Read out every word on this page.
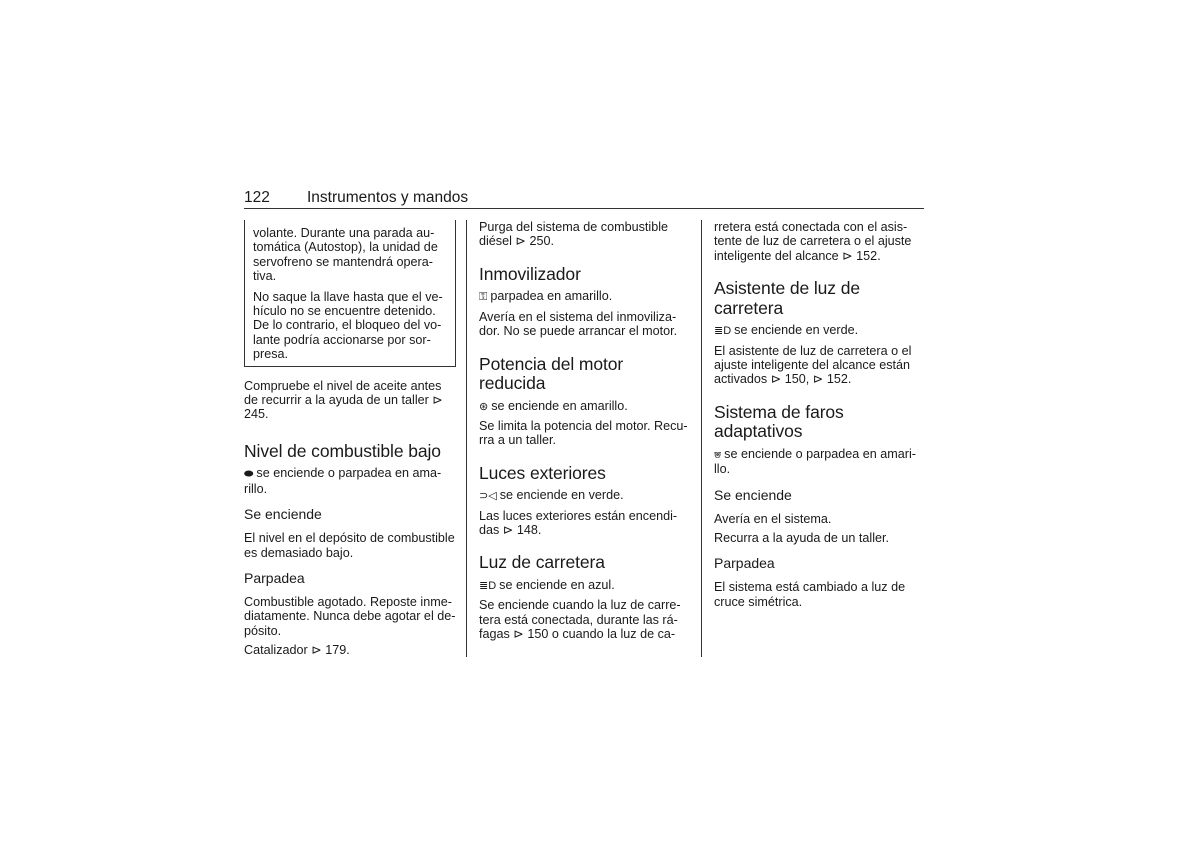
122 Instrumentos y mandos

volante. Durante una parada au-tomática (Autostop), la unidad de servofreno se mantendrá opera-tiva.

No saque la llave hasta que el ve-hículo no se encuentre detenido. De lo contrario, el bloqueo del vo-lante podría accionarse por sor-presa.

Compruebe el nivel de aceite antes de recurrir a la ayuda de un taller ⊳ 245.

Nivel de combustible bajo

⬬ se enciende o parpadea en ama-rillo.

Se enciende

El nivel en el depósito de combustible es demasiado bajo.

Parpadea

Combustible agotado. Reposte inme-diatamente. Nunca debe agotar el de-pósito.

Catalizador ⊳ 179.

Purga del sistema de combustible diésel ⊳ 250.

Inmovilizador

⚿ parpadea en amarillo.

Avería en el sistema del inmoviliza-dor. No se puede arrancar el motor.

Potencia del motor reducida

⊛ se enciende en amarillo.

Se limita la potencia del motor. Recu-rra a un taller.

Luces exteriores

⊃◁ se enciende en verde.

Las luces exteriores están encendi-das ⊳ 148.

Luz de carretera

≣D se enciende en azul.

Se enciende cuando la luz de carre-tera está conectada, durante las rá-fagas ⊳ 150 o cuando la luz de ca-

rretera está conectada con el asis-tente de luz de carretera o el ajuste inteligente del alcance ⊳ 152.

Asistente de luz de carretera

≣D se enciende en verde.

El asistente de luz de carretera o el ajuste inteligente del alcance están activados ⊳ 150, ⊳ 152.

Sistema de faros adaptativos

⩐ se enciende o parpadea en amari-llo.

Se enciende

Avería en el sistema.

Recurra a la ayuda de un taller.

Parpadea

El sistema está cambiado a luz de cruce simétrica.
